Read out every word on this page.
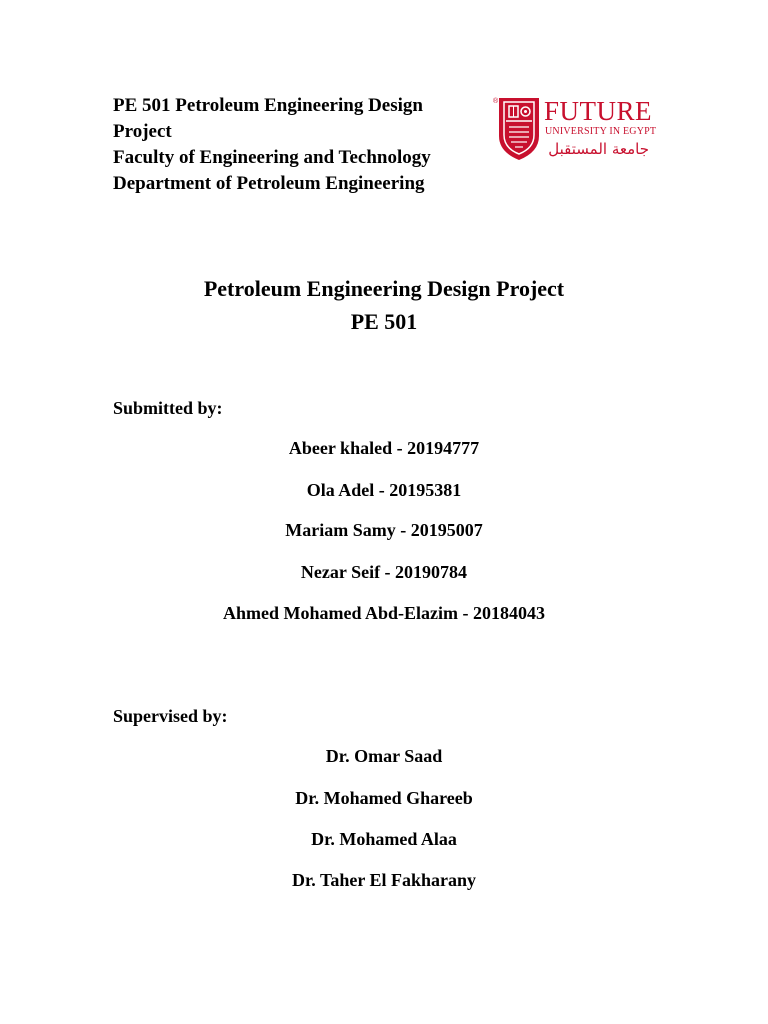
PE 501 Petroleum Engineering Design
Project
Faculty of Engineering and Technology
Department of Petroleum Engineering
® FUTURE
UNIVERSITY IN EGYPT
جامعة المستقبل
Petroleum Engineering Design Project
PE 501
Submitted by:
Abeer khaled - 20194777
Ola Adel - 20195381
Mariam Samy - 20195007
Nezar Seif - 20190784
Ahmed Mohamed Abd-Elazim - 20184043
Supervised by:
Dr. Omar Saad
Dr. Mohamed Ghareeb
Dr. Mohamed Alaa
Dr. Taher El Fakharany
